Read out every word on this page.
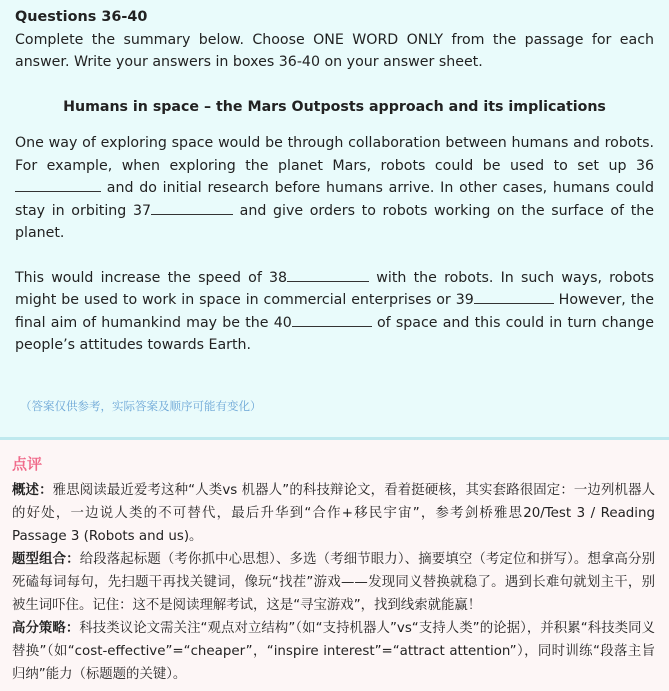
Questions 36-40

Complete the summary below. Choose ONE WORD ONLY from the passage for each answer. Write your answers in boxes 36-40 on your answer sheet.

Humans in space – the Mars Outposts approach and its implications

One way of exploring space would be through collaboration between humans and robots. For example, when exploring the planet Mars, robots could be used to set up 36 and do initial research before humans arrive. In other cases, humans could stay in orbiting 37	and give orders to robots working on the surface of the planet.

This would increase the speed of 38	with the robots. In such ways, robots might be used to work in space in commercial enterprises or 39	However, the final aim of humankind may be the 40	of space and this could in turn change people’s attitudes towards Earth.

（答案仅供参考，实际答案及顺序可能有变化）

点评

概述：雅思阅读最近爱考这种“人类vs 机器人”的科技辩论文，看着挺硬核，其实套路很固定：一边列机器人的好处，一边说人类的不可替代，最后升华到“合作+移民宇宙”，参考剑桥雅思20/Test 3 / Reading Passage 3 (Robots and us)。

题型组合：给段落起标题（考你抓中心思想）、多选（考细节眼力）、摘要填空（考定位和拼写）。想拿高分别死磕每词每句，先扫题干再找关键词，像玩“找茬”游戏——发现同义替换就稳了。遇到长难句就划主干，别被生词吓住。记住：这不是阅读理解考试，这是“寻宝游戏”，找到线索就能赢！

高分策略：科技类议论文需关注“观点对立结构”（如“支持机器人”vs“支持人类”的论据），并积累“科技类同义替换”（如“cost-effective”=“cheaper”，“inspire interest”=“attract attention”），同时训练“段落主旨归纳”能力（标题题的关键）。
